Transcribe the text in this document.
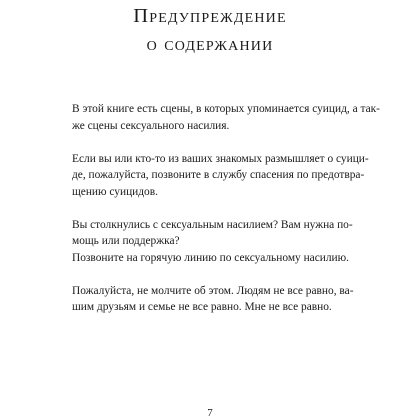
Предупреждение
о содержании

В этой книге есть сцены, в которых упоминается суицид, а так-
же сцены сексуального насилия.

Если вы или кто-то из ваших знакомых размышляет о суици-
де, пожалуйста, позвоните в службу спасения по предотвра-
щению суицидов.

Вы столкнулись с сексуальным насилием? Вам нужна по-
мощь или поддержка?
Позвоните на горячую линию по сексуальному насилию.

Пожалуйста, не молчите об этом. Людям не все равно, ва-
шим друзьям и семье не все равно. Мне не все равно.

7
